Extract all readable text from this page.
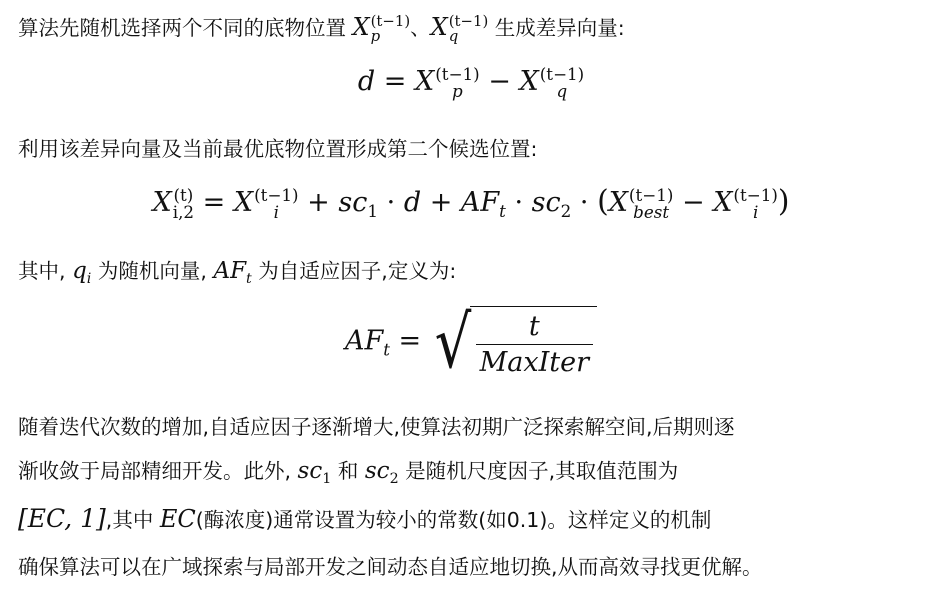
算法先随机选择两个不同的底物位置 X (t−1)
p	、X (t−1)
q	生成差异向量:
d = X (t−1)
p − X (t−1)
q
利用该差异向量及当前最优底物位置形成第二个候选位置:
X (t)
i,2 = X (t−1)
i	+ $sc_1 \cdot d + AF_t \cdot sc_2 \cdot (X$ (t−1)
best − X (t−1)
i )
其中, $q_i$ 为随机向量, $AF_t$ 为自适应因子,定义为:
$AF_t$ = √ $\frac{t}{\text{MaxIter}}$
随着迭代次数的增加,自适应因子逐渐增大,使算法初期广泛探索解空间,后期则逐
渐收敛于局部精细开发。此外, $sc_1$ 和 $sc_2$ 是随机尺度因子,其取值范围为
[EC, 1],其中 EC(酶浓度)通常设置为较小的常数(如0.1)。这样定义的机制
确保算法可以在广域探索与局部开发之间动态自适应地切换,从而高效寻找更优解。
